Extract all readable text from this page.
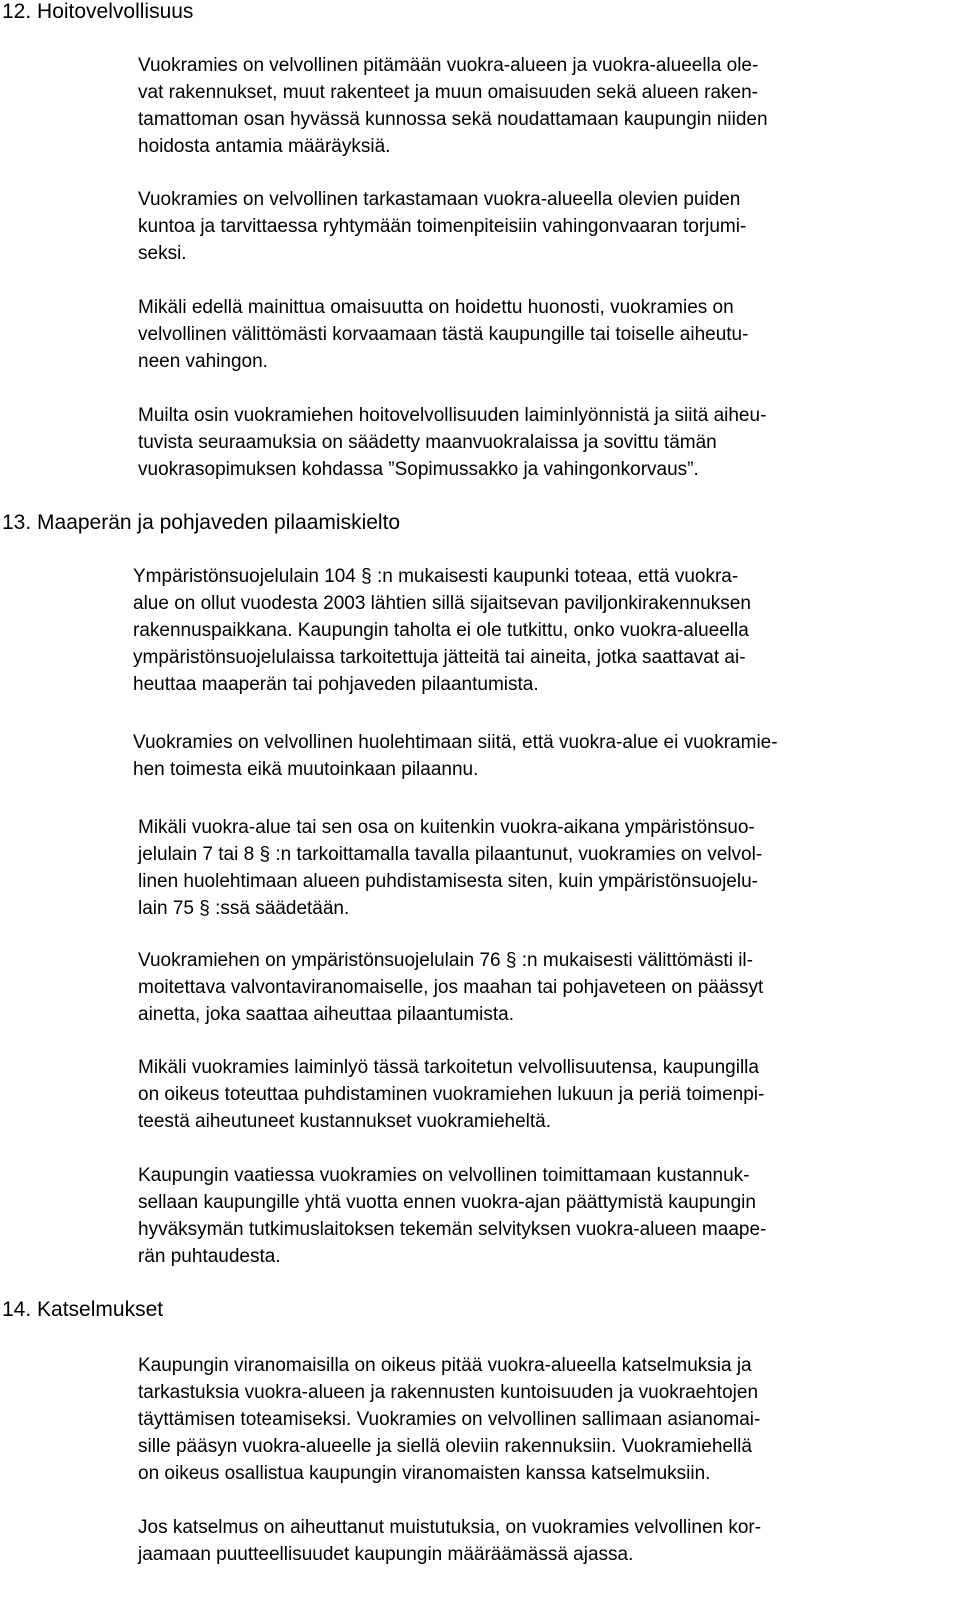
12. Hoitovelvollisuus
Vuokramies on velvollinen pitämään vuokra-alueen ja vuokra-alueella ole-
vat rakennukset, muut rakenteet ja muun omaisuuden sekä alueen raken-
tamattoman osan hyvässä kunnossa sekä noudattamaan kaupungin niiden
hoidosta antamia määräyksiä.
Vuokramies on velvollinen tarkastamaan vuokra-alueella olevien puiden
kuntoa ja tarvittaessa ryhtymään toimenpiteisiin vahingonvaaran torjumi-
seksi.
Mikäli edellä mainittua omaisuutta on hoidettu huonosti, vuokramies on
velvollinen välittömästi korvaamaan tästä kaupungille tai toiselle aiheutu-
neen vahingon.
Muilta osin vuokramiehen hoitovelvollisuuden laiminlyönnistä ja siitä aiheu-
tuvista seuraamuksia on säädetty maanvuokralaissa ja sovittu tämän
vuokrasopimuksen kohdassa ”Sopimussakko ja vahingonkorvaus”.
13. Maaperän ja pohjaveden pilaamiskielto
Ympäristönsuojelulain 104 § :n mukaisesti kaupunki toteaa, että vuokra-
alue on ollut vuodesta 2003 lähtien sillä sijaitsevan paviljonkirakennuksen
rakennuspaikkana. Kaupungin taholta ei ole tutkittu, onko vuokra-alueella
ympäristönsuojelulaissa tarkoitettuja jätteitä tai aineita, jotka saattavat ai-
heuttaa maaperän tai pohjaveden pilaantumista.
Vuokramies on velvollinen huolehtimaan siitä, että vuokra-alue ei vuokramie-
hen toimesta eikä muutoinkaan pilaannu.
Mikäli vuokra-alue tai sen osa on kuitenkin vuokra-aikana ympäristönsuo-
jelulain 7 tai 8 § :n tarkoittamalla tavalla pilaantunut, vuokramies on velvol-
linen huolehtimaan alueen puhdistamisesta siten, kuin ympäristönsuojelu-
lain 75 § :ssä säädetään.
Vuokramiehen on ympäristönsuojelulain 76 § :n mukaisesti välittömästi il-
moitettava valvontaviranomaiselle, jos maahan tai pohjaveteen on päässyt
ainetta, joka saattaa aiheuttaa pilaantumista.
Mikäli vuokramies laiminlyö tässä tarkoitetun velvollisuutensa, kaupungilla
on oikeus toteuttaa puhdistaminen vuokramiehen lukuun ja periä toimenpi-
teestä aiheutuneet kustannukset vuokramieheltä.
Kaupungin vaatiessa vuokramies on velvollinen toimittamaan kustannuk-
sellaan kaupungille yhtä vuotta ennen vuokra-ajan päättymistä kaupungin
hyväksymän tutkimuslaitoksen tekemän selvityksen vuokra-alueen maape-
rän puhtaudesta.
14. Katselmukset
Kaupungin viranomaisilla on oikeus pitää vuokra-alueella katselmuksia ja
tarkastuksia vuokra-alueen ja rakennusten kuntoisuuden ja vuokraehtojen
täyttämisen toteamiseksi. Vuokramies on velvollinen sallimaan asianomai-
sille pääsyn vuokra-alueelle ja siellä oleviin rakennuksiin. Vuokramiehellä
on oikeus osallistua kaupungin viranomaisten kanssa katselmuksiin.
Jos katselmus on aiheuttanut muistutuksia, on vuokramies velvollinen kor-
jaamaan puutteellisuudet kaupungin määräämässä ajassa.
